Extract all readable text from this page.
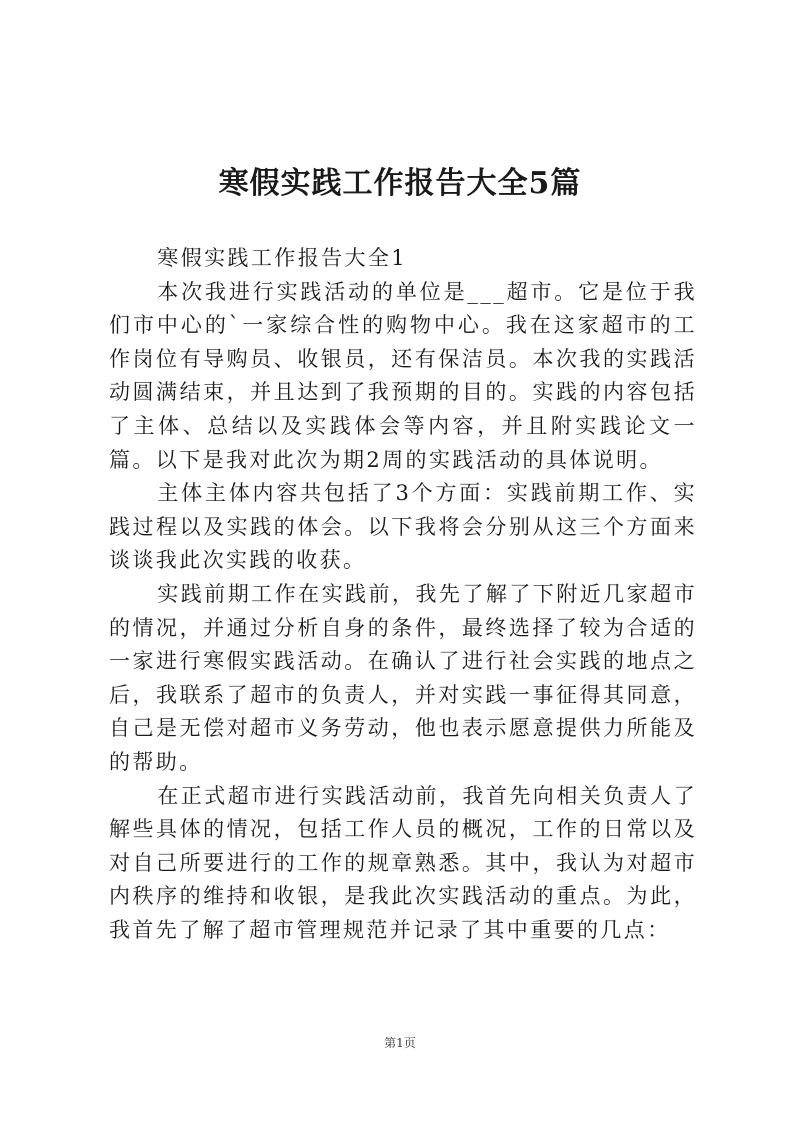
寒假实践工作报告大全5篇

寒假实践工作报告大全1

本次我进行实践活动的单位是___超市。它是位于我们市中心的`一家综合性的购物中心。我在这家超市的工作岗位有导购员、收银员，还有保洁员。本次我的实践活动圆满结束，并且达到了我预期的目的。实践的内容包括了主体、总结以及实践体会等内容，并且附实践论文一篇。以下是我对此次为期2周的实践活动的具体说明。

主体主体内容共包括了3个方面：实践前期工作、实践过程以及实践的体会。以下我将会分别从这三个方面来谈谈我此次实践的收获。

实践前期工作在实践前，我先了解了下附近几家超市的情况，并通过分析自身的条件，最终选择了较为合适的一家进行寒假实践活动。在确认了进行社会实践的地点之后，我联系了超市的负责人，并对实践一事征得其同意，自己是无偿对超市义务劳动，他也表示愿意提供力所能及的帮助。

在正式超市进行实践活动前，我首先向相关负责人了解些具体的情况，包括工作人员的概况，工作的日常以及对自己所要进行的工作的规章熟悉。其中，我认为对超市内秩序的维持和收银，是我此次实践活动的重点。为此，我首先了解了超市管理规范并记录了其中重要的几点：

第1页
